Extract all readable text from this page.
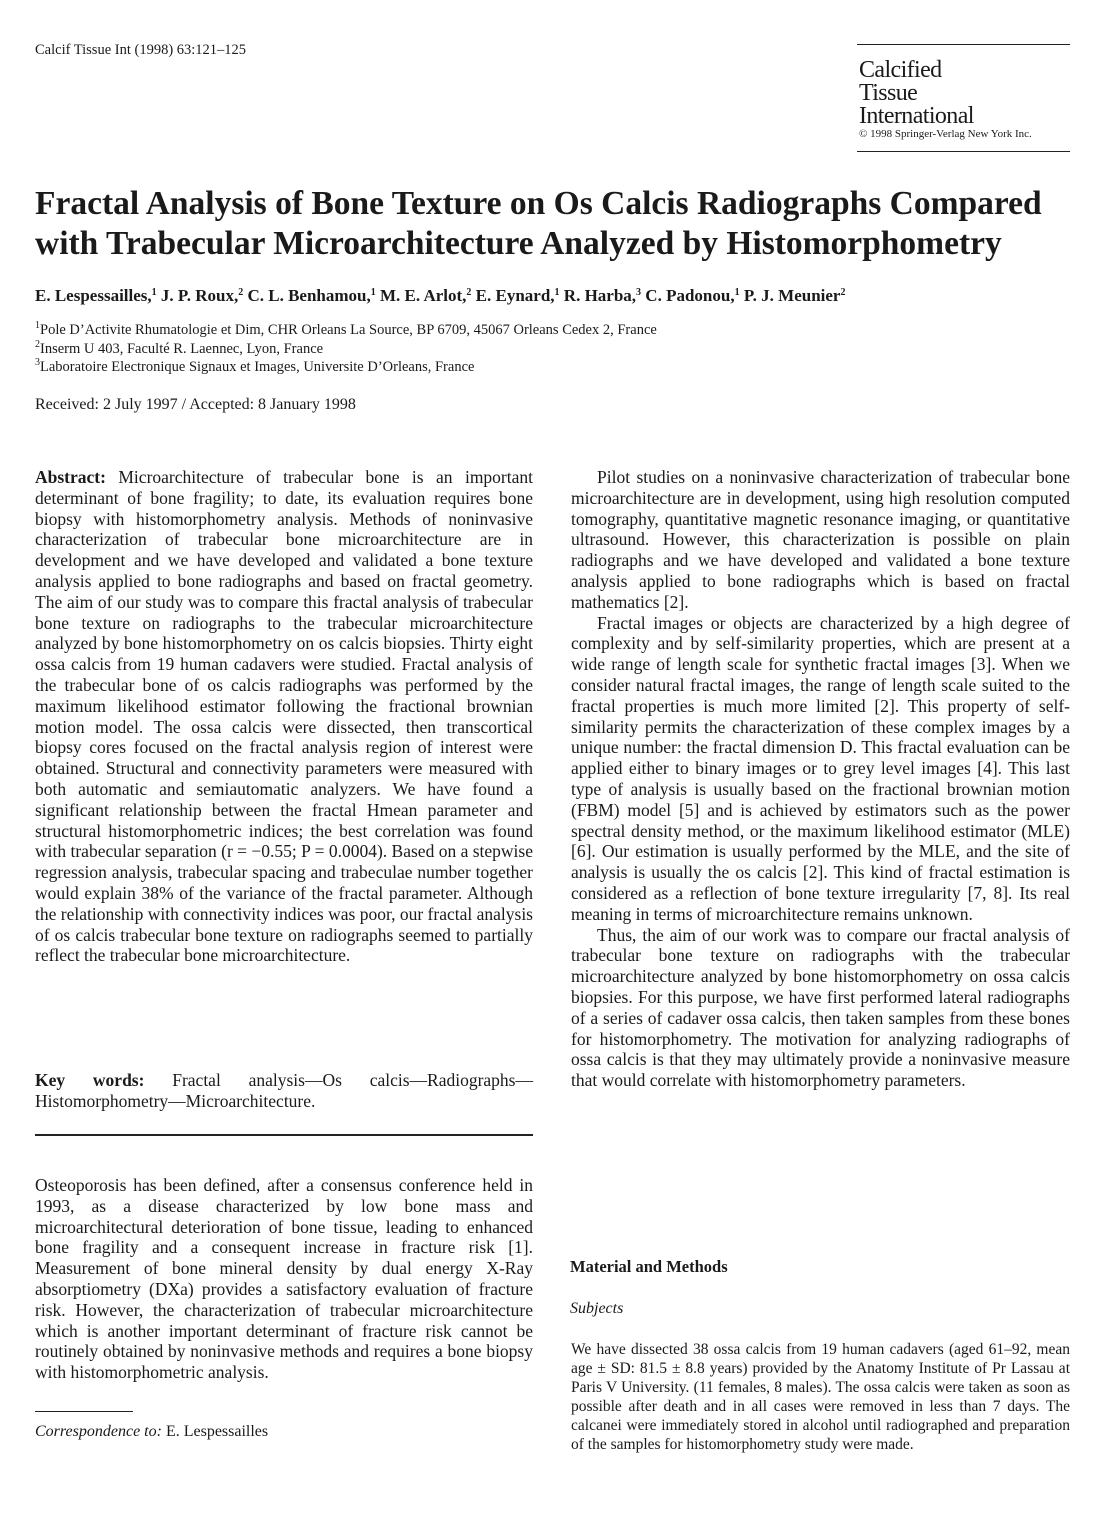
Calcif Tissue Int (1998) 63:121–125
Calcified
Tissue
International
© 1998 Springer-Verlag New York Inc.
Fractal Analysis of Bone Texture on Os Calcis Radiographs Compared with Trabecular Microarchitecture Analyzed by Histomorphometry
E. Lespessailles,$^1$ J. P. Roux,$^2$ C. L. Benhamou,$^1$ M. E. Arlot,$^2$ E. Eynard,$^1$ R. Harba,$^3$ C. Padonou,$^1$ P. J. Meunier$^2$
$^1$Pole D’Activite Rhumatologie et Dim, CHR Orleans La Source, BP 6709, 45067 Orleans Cedex 2, France
$^2$Inserm U 403, Faculté R. Laennec, Lyon, France
$^3$Laboratoire Electronique Signaux et Images, Universite D’Orleans, France
Received: 2 July 1997 / Accepted: 8 January 1998

Abstract: Microarchitecture of trabecular bone is an important determinant of bone fragility; to date, its evaluation requires bone biopsy with histomorphometry analysis. Methods of noninvasive characterization of trabecular bone microarchitecture are in development and we have developed and validated a bone texture analysis applied to bone radiographs and based on fractal geometry. The aim of our study was to compare this fractal analysis of trabecular bone texture on radiographs to the trabecular microarchitecture analyzed by bone histomorphometry on os calcis biopsies. Thirty eight ossa calcis from 19 human cadavers were studied. Fractal analysis of the trabecular bone of os calcis radiographs was performed by the maximum likelihood estimator following the fractional brownian motion model. The ossa calcis were dissected, then transcortical biopsy cores focused on the fractal analysis region of interest were obtained. Structural and connectivity parameters were measured with both automatic and semiautomatic analyzers. We have found a significant relationship between the fractal Hmean parameter and structural histomorphometric indices; the best correlation was found with trabecular separation (r = −0.55; P = 0.0004). Based on a stepwise regression analysis, trabecular spacing and trabeculae number together would explain 38% of the variance of the fractal parameter. Although the relationship with connectivity indices was poor, our fractal analysis of os calcis trabecular bone texture on radiographs seemed to partially reflect the trabecular bone microarchitecture.

Key words: Fractal analysis—Os calcis—Radiographs—Histomorphometry—Microarchitecture.

Osteoporosis has been defined, after a consensus conference held in 1993, as a disease characterized by low bone mass and microarchitectural deterioration of bone tissue, leading to enhanced bone fragility and a consequent increase in fracture risk [1]. Measurement of bone mineral density by dual energy X-Ray absorptiometry (DXa) provides a satisfactory evaluation of fracture risk. However, the characterization of trabecular microarchitecture which is another important determinant of fracture risk cannot be routinely obtained by noninvasive methods and requires a bone biopsy with histomorphometric analysis.

Correspondence to: E. Lespessailles

Pilot studies on a noninvasive characterization of trabecular bone microarchitecture are in development, using high resolution computed tomography, quantitative magnetic resonance imaging, or quantitative ultrasound. However, this characterization is possible on plain radiographs and we have developed and validated a bone texture analysis applied to bone radiographs which is based on fractal mathematics [2].

Fractal images or objects are characterized by a high degree of complexity and by self-similarity properties, which are present at a wide range of length scale for synthetic fractal images [3]. When we consider natural fractal images, the range of length scale suited to the fractal properties is much more limited [2]. This property of self-similarity permits the characterization of these complex images by a unique number: the fractal dimension D. This fractal evaluation can be applied either to binary images or to grey level images [4]. This last type of analysis is usually based on the fractional brownian motion (FBM) model [5] and is achieved by estimators such as the power spectral density method, or the maximum likelihood estimator (MLE) [6]. Our estimation is usually performed by the MLE, and the site of analysis is usually the os calcis [2]. This kind of fractal estimation is considered as a reflection of bone texture irregularity [7, 8]. Its real meaning in terms of microarchitecture remains unknown.

Thus, the aim of our work was to compare our fractal analysis of trabecular bone texture on radiographs with the trabecular microarchitecture analyzed by bone histomorphometry on ossa calcis biopsies. For this purpose, we have first performed lateral radiographs of a series of cadaver ossa calcis, then taken samples from these bones for histomorphometry. The motivation for analyzing radiographs of ossa calcis is that they may ultimately provide a noninvasive measure that would correlate with histomorphometry parameters.

Material and Methods
Subjects

We have dissected 38 ossa calcis from 19 human cadavers (aged 61–92, mean age ± SD: 81.5 ± 8.8 years) provided by the Anatomy Institute of Pr Lassau at Paris V University. (11 females, 8 males). The ossa calcis were taken as soon as possible after death and in all cases were removed in less than 7 days. The calcanei were immediately stored in alcohol until radiographed and preparation of the samples for histomorphometry study were made.
